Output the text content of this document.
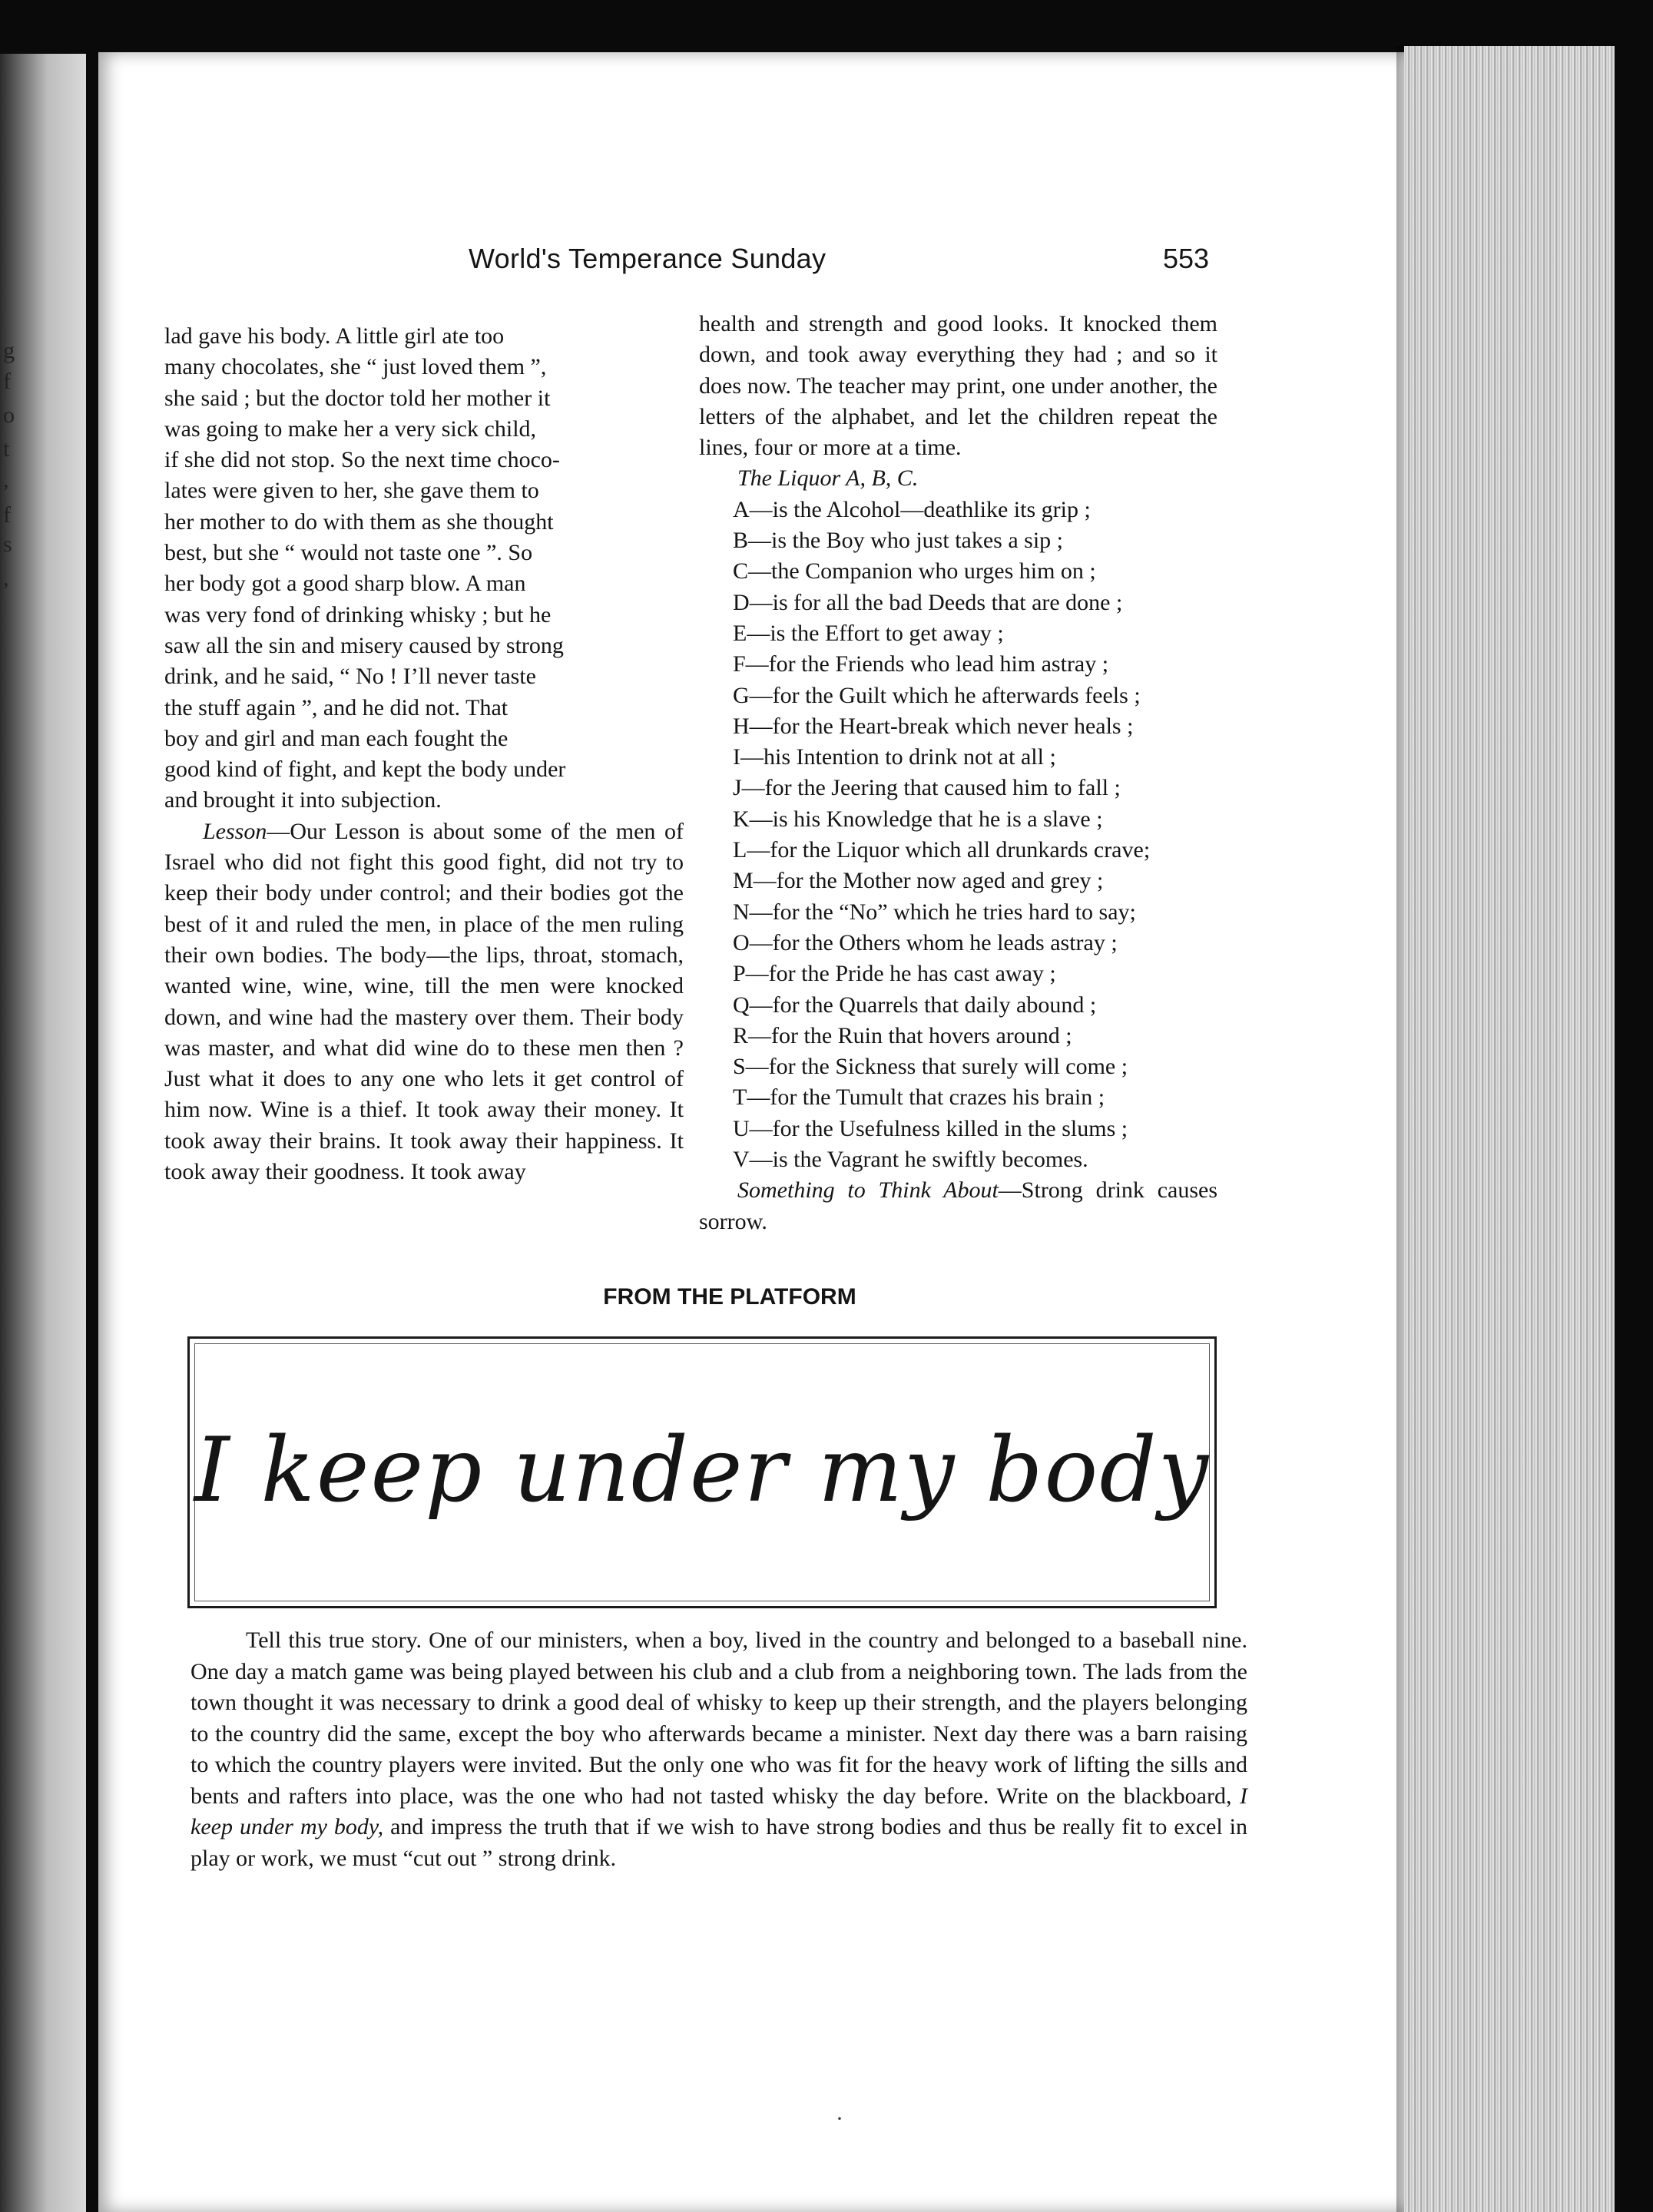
g
f
o
t
,
f
s
,
World's Temperance Sunday	553
lad gave his body. A little girl ate too
many chocolates, she “ just loved them ”,
she said ; but the doctor told her mother it
was going to make her a very sick child,
if she did not stop. So the next time choco-
lates were given to her, she gave them to
her mother to do with them as she thought
best, but she “ would not taste one ”. So
her body got a good sharp blow. A man
was very fond of drinking whisky ; but he
saw all the sin and misery caused by strong
drink, and he said, “ No ! I’ll never taste
the stuff again ”, and he did not. That
boy and girl and man each fought the
good kind of fight, and kept the body under
and brought it into subjection.

Lesson—Our Lesson is about some of the men of Israel who did not fight this good fight, did not try to keep their body under control; and their bodies got the best of it and ruled the men, in place of the men ruling their own bodies. The body—the lips, throat, stomach, wanted wine, wine, wine, till the men were knocked down, and wine had the mastery over them. Their body was master, and what did wine do to these men then ? Just what it does to any one who lets it get control of him now. Wine is a thief. It took away their money. It took away their brains. It took away their happiness. It took away their goodness. It took away

health and strength and good looks. It knocked them down, and took away everything they had ; and so it does now. The teacher may print, one under another, the letters of the alphabet, and let the children repeat the lines, four or more at a time.

The Liquor A, B, C.

A—is the Alcohol—deathlike its grip ;
B—is the Boy who just takes a sip ;
C—the Companion who urges him on ;
D—is for all the bad Deeds that are done ;
E—is the Effort to get away ;
F—for the Friends who lead him astray ;
G—for the Guilt which he afterwards feels ;
H—for the Heart-break which never heals ;
I—his Intention to drink not at all ;
J—for the Jeering that caused him to fall ;
K—is his Knowledge that he is a slave ;
L—for the Liquor which all drunkards crave;
M—for the Mother now aged and grey ;
N—for the “No” which he tries hard to say;
O—for the Others whom he leads astray ;
P—for the Pride he has cast away ;
Q—for the Quarrels that daily abound ;
R—for the Ruin that hovers around ;
S—for the Sickness that surely will come ;
T—for the Tumult that crazes his brain ;
U—for the Usefulness killed in the slums ;
V—is the Vagrant he swiftly becomes.

Something to Think About—Strong drink causes sorrow.

FROM THE PLATFORM
I keep under my body

Tell this true story. One of our ministers, when a boy, lived in the country and belonged to a baseball nine. One day a match game was being played between his club and a club from a neighboring town. The lads from the town thought it was necessary to drink a good deal of whisky to keep up their strength, and the players belonging to the country did the same, except the boy who afterwards became a minister. Next day there was a barn raising to which the country players were invited. But the only one who was fit for the heavy work of lifting the sills and bents and rafters into place, was the one who had not tasted whisky the day before. Write on the blackboard, I keep under my body, and impress the truth that if we wish to have strong bodies and thus be really fit to excel in play or work, we must “cut out ” strong drink.

·
